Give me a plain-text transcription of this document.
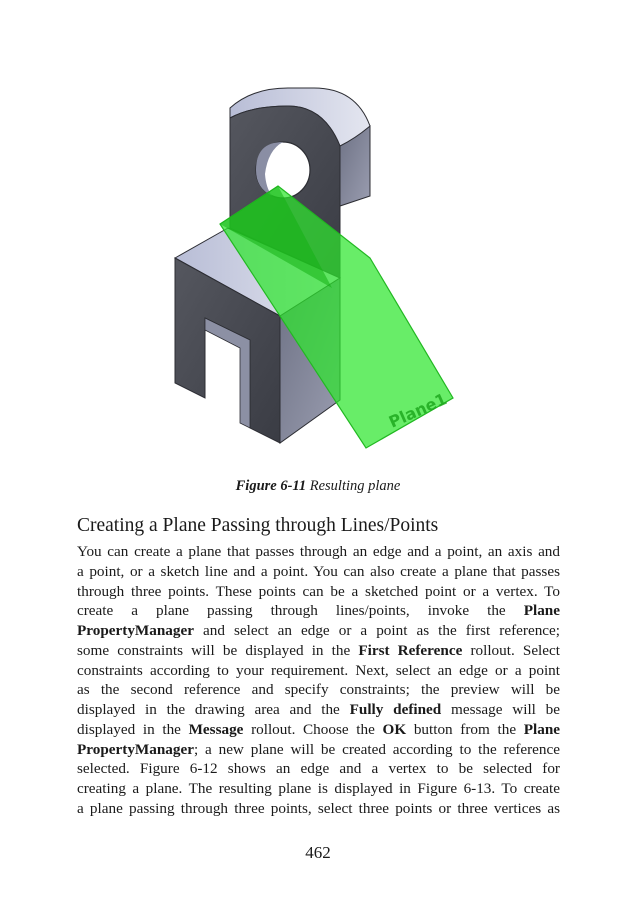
Plane1
Figure 6-11 Resulting plane
Creating a Plane Passing through Lines/Points
You can create a plane that passes through an edge and a point, an axis and
a point, or a sketch line and a point. You can also create a plane that passes
through three points. These points can be a sketched point or a vertex. To
create a plane passing through lines/points, invoke the Plane
PropertyManager and select an edge or a point as the first reference;
some constraints will be displayed in the First Reference rollout. Select
constraints according to your requirement. Next, select an edge or a point
as the second reference and specify constraints; the preview will be
displayed in the drawing area and the Fully defined message will be
displayed in the Message rollout. Choose the OK button from the Plane
PropertyManager; a new plane will be created according to the reference
selected. Figure 6-12 shows an edge and a vertex to be selected for
creating a plane. The resulting plane is displayed in Figure 6-13. To create
a plane passing through three points, select three points or three vertices as
462
